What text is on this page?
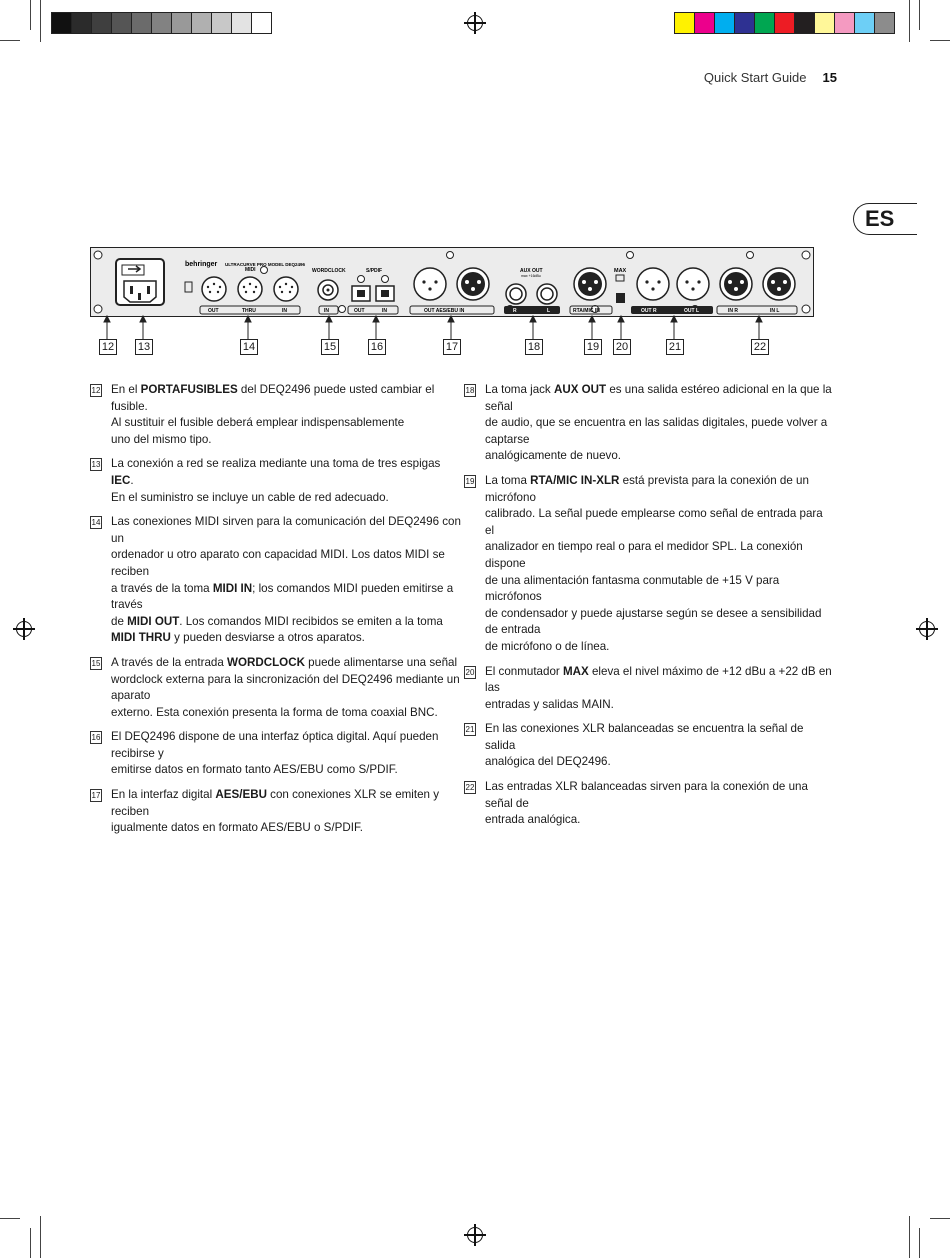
Quick Start Guide 15
ES
behringer ULTRACURVE PRO MODEL DEQ2496
MIDI
OUT	THRU	IN
WORDCLOCK
IN
S/PDIF
OUT	IN	OUT AES/EBU IN
AUX OUT
max +16dBu
R	L	RTA/MIC IN
MAX
OUT R	OUT L	IN R	IN L
12 13	14	15	16	17	18	19 20	21	22
12 En el PORTAFUSIBLES del DEQ2496 puede usted cambiar el fusible.
Al sustituir el fusible deberá emplear indispensablemente
uno del mismo tipo.
13 La conexión a red se realiza mediante una toma de tres espigas IEC.
En el suministro se incluye un cable de red adecuado.
14 Las conexiones MIDI sirven para la comunicación del DEQ2496 con un
ordenador u otro aparato con capacidad MIDI. Los datos MIDI se reciben
a través de la toma MIDI IN; los comandos MIDI pueden emitirse a través
de MIDI OUT. Los comandos MIDI recibidos se emiten a la toma
MIDI THRU y pueden desviarse a otros aparatos.
15 A través de la entrada WORDCLOCK puede alimentarse una señal
wordclock externa para la sincronización del DEQ2496 mediante un aparato
externo. Esta conexión presenta la forma de toma coaxial BNC.
16 El DEQ2496 dispone de una interfaz óptica digital. Aquí pueden recibirse y
emitirse datos en formato tanto AES/EBU como S/PDIF.
17 En la interfaz digital AES/EBU con conexiones XLR se emiten y reciben
igualmente datos en formato AES/EBU o S/PDIF.
18 La toma jack AUX OUT es una salida estéreo adicional en la que la señal
de audio, que se encuentra en las salidas digitales, puede volver a captarse
analógicamente de nuevo.
19 La toma RTA/MIC IN-XLR está prevista para la conexión de un micrófono
calibrado. La señal puede emplearse como señal de entrada para el
analizador en tiempo real o para el medidor SPL. La conexión dispone
de una alimentación fantasma conmutable de +15 V para micrófonos
de condensador y puede ajustarse según se desee a sensibilidad de entrada
de micrófono o de línea.
20 El conmutador MAX eleva el nivel máximo de +12 dBu a +22 dB en las
entradas y salidas MAIN.
21 En las conexiones XLR balanceadas se encuentra la señal de salida
analógica del DEQ2496.
22 Las entradas XLR balanceadas sirven para la conexión de una señal de
entrada analógica.
